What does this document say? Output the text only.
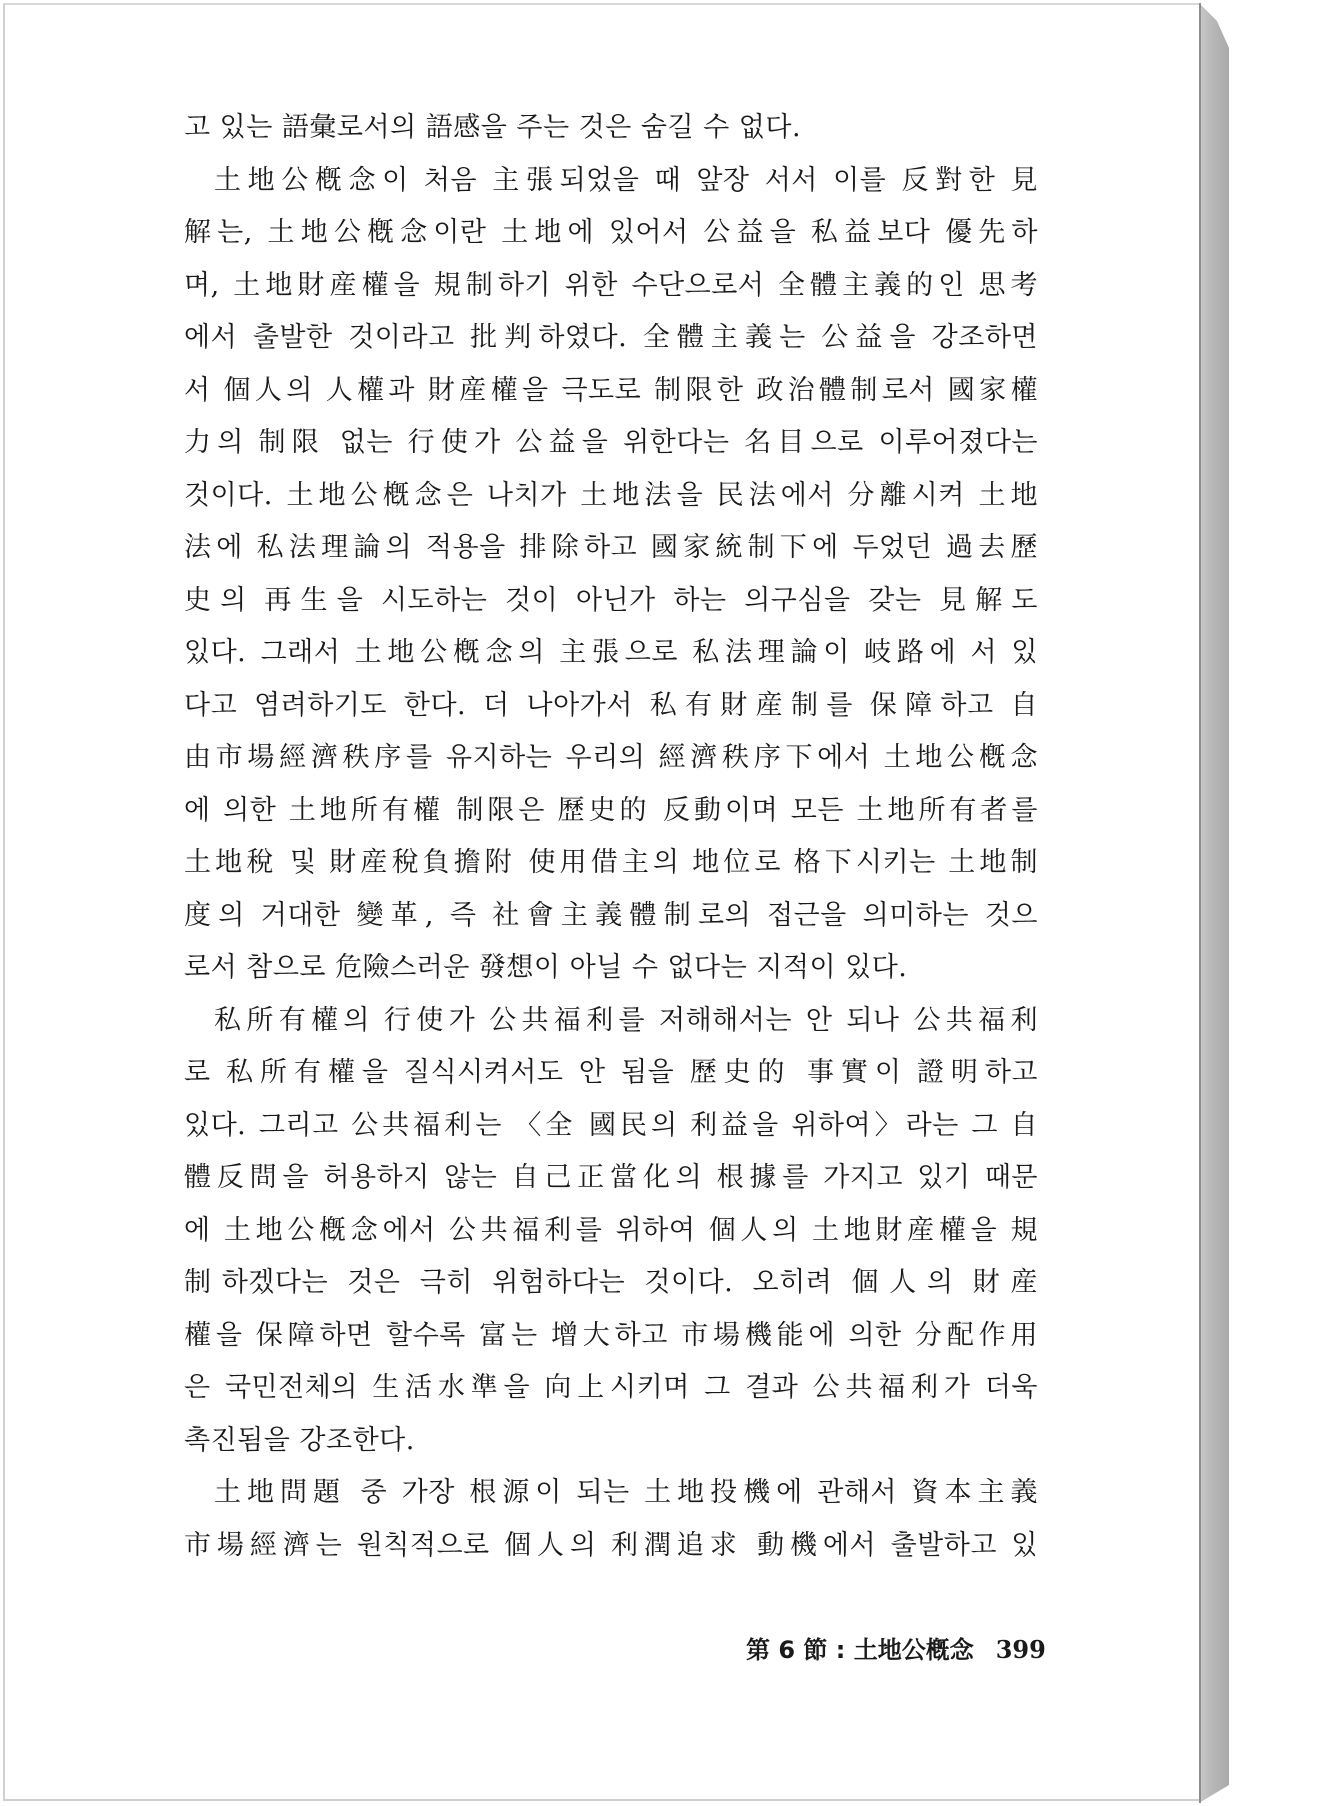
고 있는 語彙로서의 語感을 주는 것은 숨길 수 없다.
土地公槪念이 처음 主張되었을 때 앞장 서서 이를 反對한 見
解는, 土地公槪念이란 土地에 있어서 公益을 私益보다 優先하
며, 土地財産權을 規制하기 위한 수단으로서 全體主義的인 思考
에서 출발한 것이라고 批判하였다. 全體主義는 公益을 강조하면
서 個人의 人權과 財産權을 극도로 制限한 政治體制로서 國家權
力의 制限 없는 行使가 公益을 위한다는 名目으로 이루어졌다는
것이다. 土地公槪念은 나치가 土地法을 民法에서 分離시켜 土地
法에 私法理論의 적용을 排除하고 國家統制下에 두었던 過去歷
史의 再生을 시도하는 것이 아닌가 하는 의구심을 갖는 見解도
있다. 그래서 土地公槪念의 主張으로 私法理論이 岐路에 서 있
다고 염려하기도 한다. 더 나아가서 私有財産制를 保障하고 自
由市場經濟秩序를 유지하는 우리의 經濟秩序下에서 土地公槪念
에 의한 土地所有權 制限은 歷史的 反動이며 모든 土地所有者를
土地稅 및 財産稅負擔附 使用借主의 地位로 格下시키는 土地制
度의 거대한 變革, 즉 社會主義體制로의 접근을 의미하는 것으
로서 참으로 危險스러운 發想이 아닐 수 없다는 지적이 있다.
私所有權의 行使가 公共福利를 저해해서는 안 되나 公共福利
로 私所有權을 질식시켜서도 안 됨을 歷史的 事實이 證明하고
있다. 그리고 公共福利는 〈全 國民의 利益을 위하여〉라는 그 自
體反問을 허용하지 않는 自己正當化의 根據를 가지고 있기 때문
에 土地公槪念에서 公共福利를 위하여 個人의 土地財産權을 規
制하겠다는 것은 극히 위험하다는 것이다. 오히려 個人의 財産
權을 保障하면 할수록 富는 增大하고 市場機能에 의한 分配作用
은 국민전체의 生活水準을 向上시키며 그 결과 公共福利가 더욱
촉진됨을 강조한다.
土地問題 중 가장 根源이 되는 土地投機에 관해서 資本主義
市場經濟는 원칙적으로 個人의 利潤追求 動機에서 출발하고 있
第 6 節 : 土地公槪念 399
